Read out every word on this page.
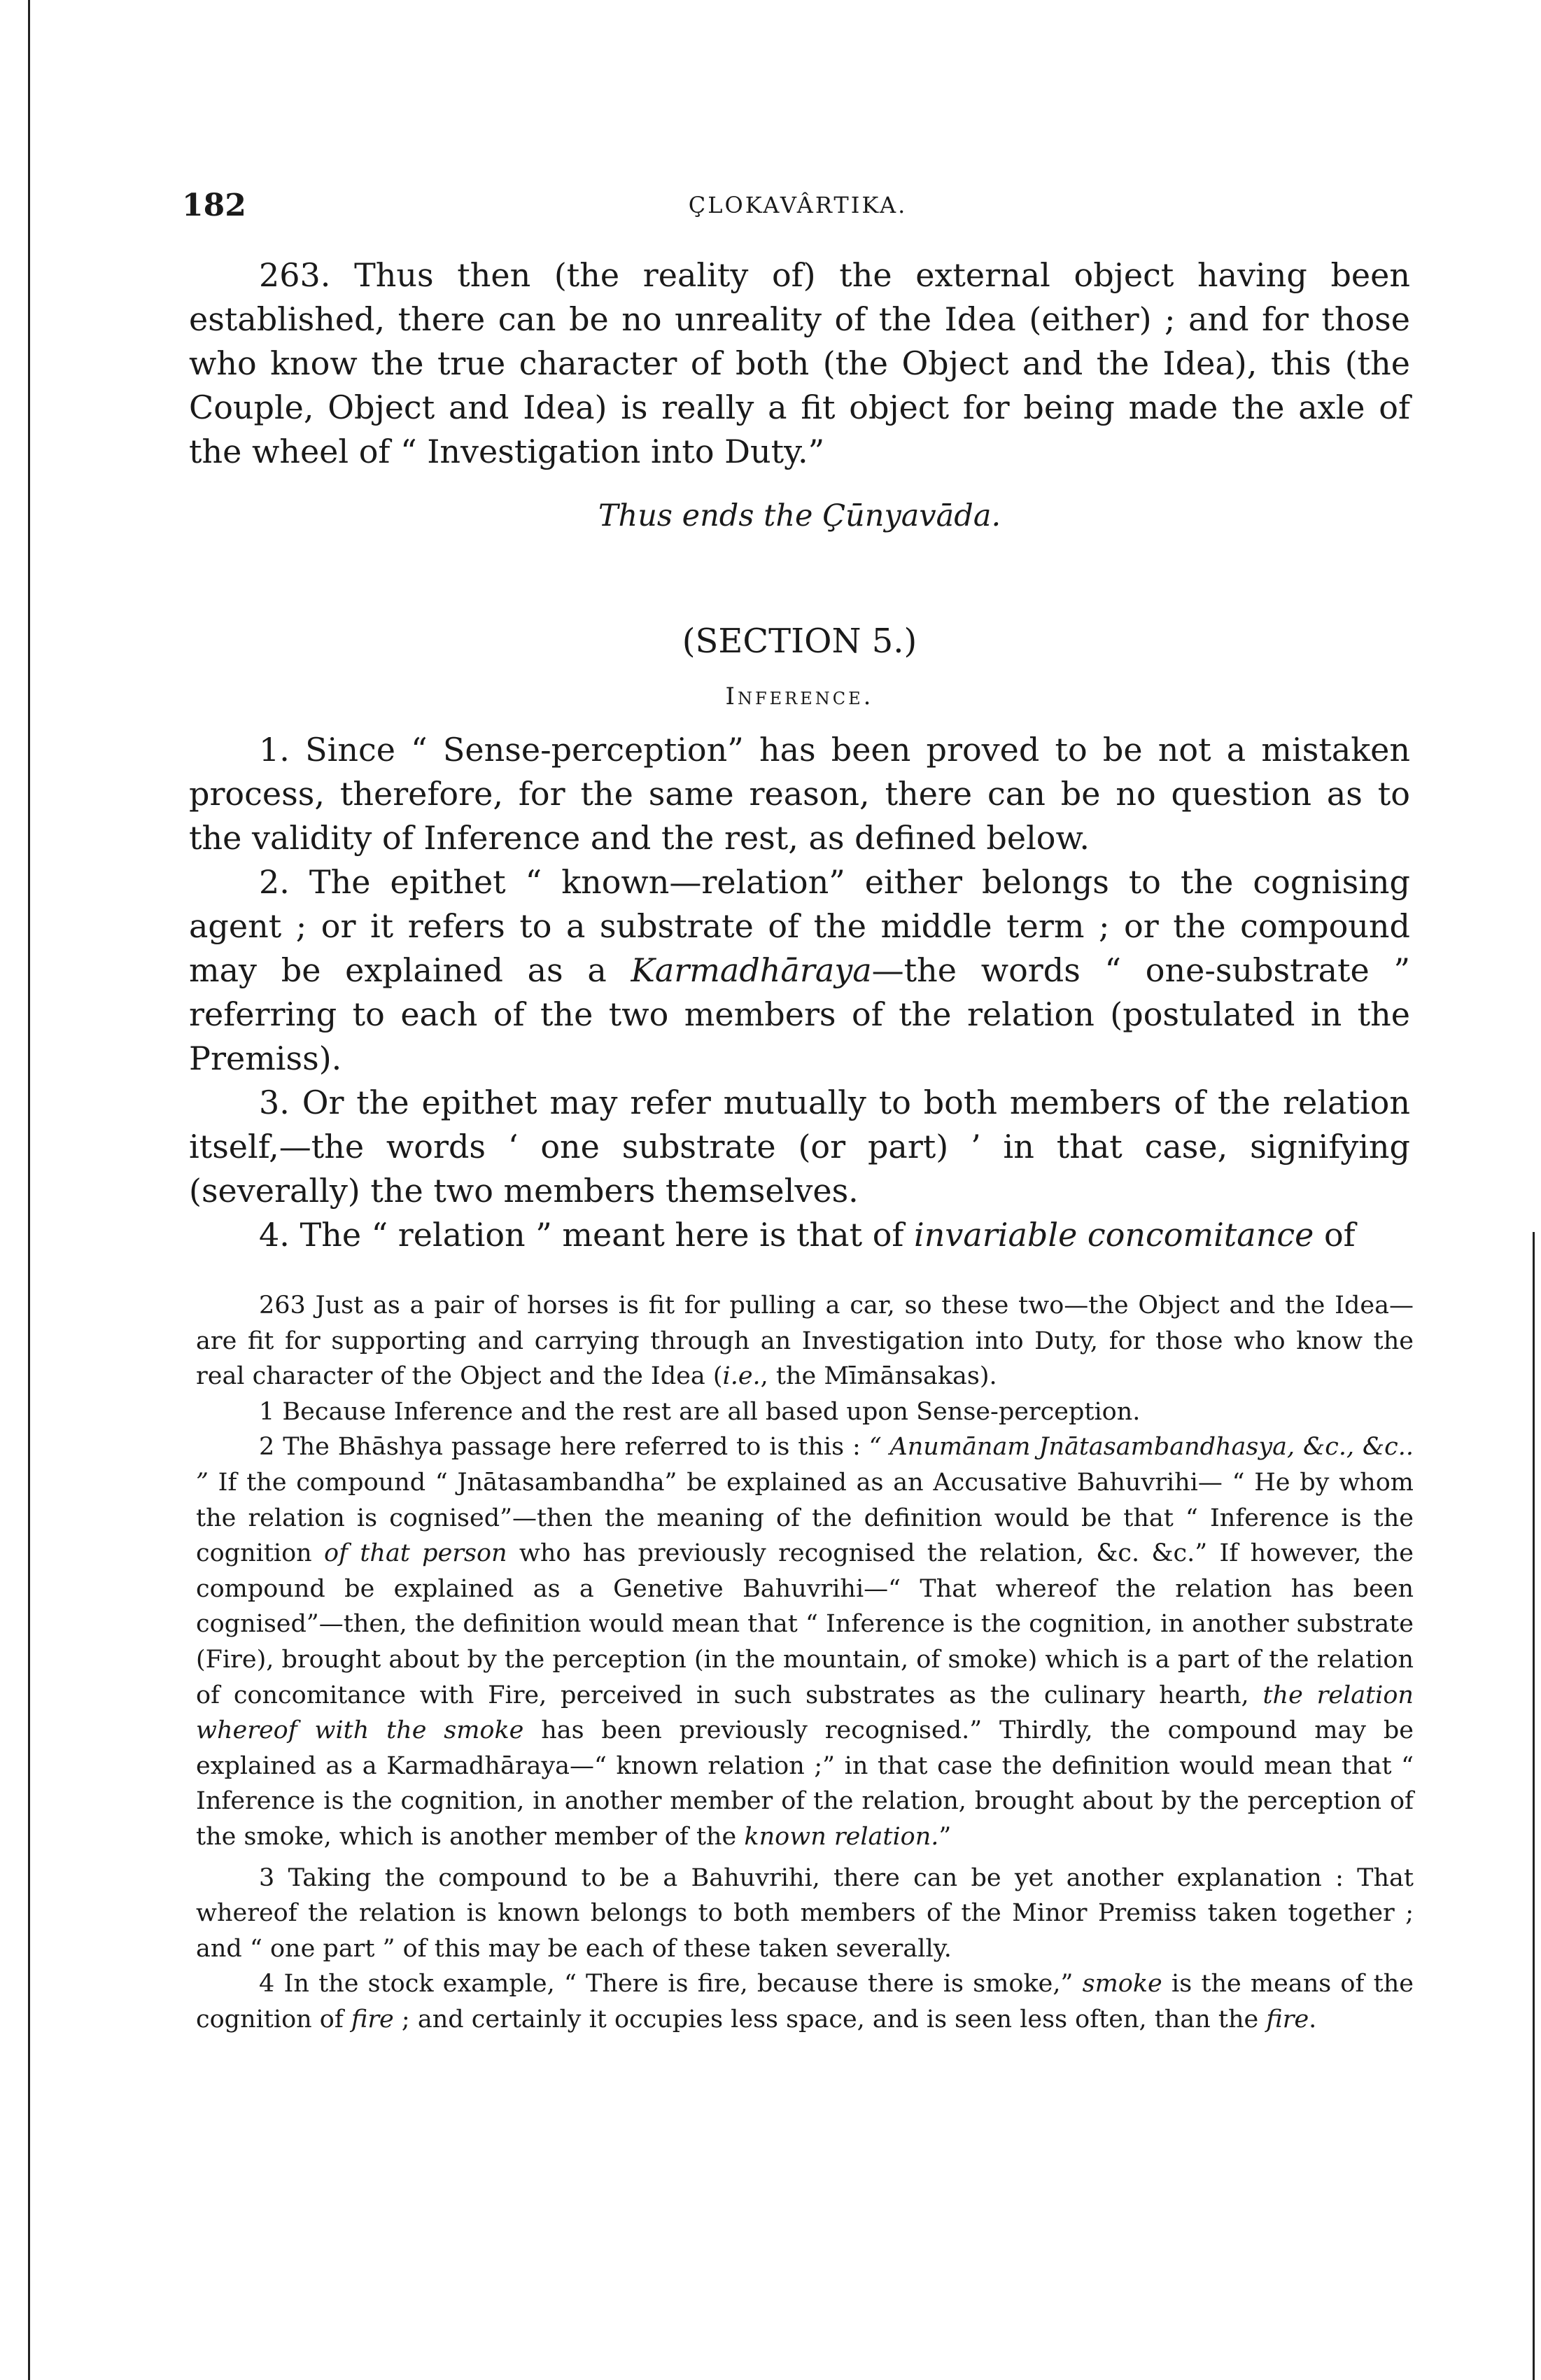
182	ÇLOKAVÂRTIKA.

263. Thus then (the reality of) the external object having been established, there can be no unreality of the Idea (either) ; and for those who know the true character of both (the Object and the Idea), this (the Couple, Object and Idea) is really a fit object for being made the axle of the wheel of “ Investigation into Duty.”

Thus ends the Çūnyavāda.
(SECTION 5.)
Inference.

1. Since “ Sense-perception” has been proved to be not a mistaken process, therefore, for the same reason, there can be no question as to the validity of Inference and the rest, as defined below.

2. The epithet “ known—relation” either belongs to the cognising agent ; or it refers to a substrate of the middle term ; or the compound may be explained as a Karmadhāraya—the words “ one-substrate ” referring to each of the two members of the relation (postulated in the Premiss).

3. Or the epithet may refer mutually to both members of the relation itself,—the words ‘ one substrate (or part) ’ in that case, signifying (severally) the two members themselves.

4. The “ relation ” meant here is that of invariable concomitance of

263 Just as a pair of horses is fit for pulling a car, so these two—the Object and the Idea—are fit for supporting and carrying through an Investigation into Duty, for those who know the real character of the Object and the Idea (i.e., the Mīmānsakas).

1 Because Inference and the rest are all based upon Sense-perception.

2 The Bhāshya passage here referred to is this : “ Anumānam Jnātasambandhasya, &c., &c.. ” If the compound “ Jnātasambandha” be explained as an Accusative Bahuvrihi— “ He by whom the relation is cognised”—then the meaning of the definition would be that “ Inference is the cognition of that person who has previously recognised the relation, &c. &c.” If however, the compound be explained as a Genetive Bahuvrihi—“ That whereof the relation has been cognised”—then, the definition would mean that “ Inference is the cognition, in another substrate (Fire), brought about by the perception (in the mountain, of smoke) which is a part of the relation of concomitance with Fire, perceived in such substrates as the culinary hearth, the relation whereof with the smoke has been previously recognised.” Thirdly, the compound may be explained as a Karmadhāraya—“ known relation ;” in that case the definition would mean that “ Inference is the cognition, in another member of the relation, brought about by the perception of the smoke, which is another member of the known relation.”

3 Taking the compound to be a Bahuvrihi, there can be yet another explanation : That whereof the relation is known belongs to both members of the Minor Premiss taken together ; and “ one part ” of this may be each of these taken severally.

4 In the stock example, “ There is fire, because there is smoke,” smoke is the means of the cognition of fire ; and certainly it occupies less space, and is seen less often, than the fire.
